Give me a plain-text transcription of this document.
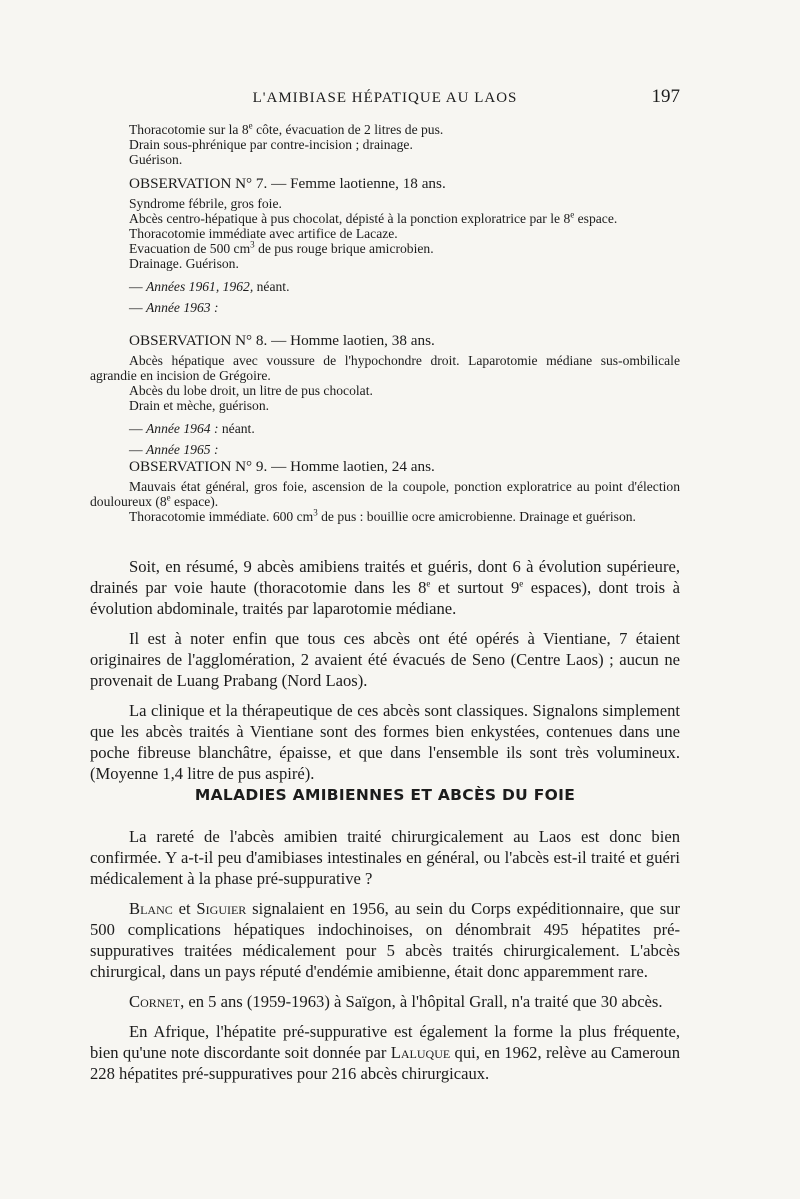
L'AMIBIASE HÉPATIQUE AU LAOS	197

Thoracotomie sur la 8e côte, évacuation de 2 litres de pus.

Drain sous-phrénique par contre-incision ; drainage.

Guérison.

OBSERVATION N° 7. — Femme laotienne, 18 ans.

Syndrome fébrile, gros foie.

Abcès centro-hépatique à pus chocolat, dépisté à la ponction exploratrice par le 8e espace.

Thoracotomie immédiate avec artifice de Lacaze.

Evacuation de 500 $cm^3$ de pus rouge brique amicrobien.

Drainage. Guérison.

— Années 1961, 1962, néant.

— Année 1963 :

OBSERVATION N° 8. — Homme laotien, 38 ans.

Abcès hépatique avec voussure de l'hypochondre droit. Laparotomie médiane sus-ombilicale agrandie en incision de Grégoire.

Abcès du lobe droit, un litre de pus chocolat.

Drain et mèche, guérison.

— Année 1964 : néant.

— Année 1965 :

OBSERVATION N° 9. — Homme laotien, 24 ans.

Mauvais état général, gros foie, ascension de la coupole, ponction exploratrice au point d'élection douloureux (8e espace).

Thoracotomie immédiate. 600 $cm^3$ de pus : bouillie ocre amicrobienne. Drainage et guérison.

Soit, en résumé, 9 abcès amibiens traités et guéris, dont 6 à évolution supérieure, drainés par voie haute (thoracotomie dans les 8e et surtout 9e espaces), dont trois à évolution abdominale, traités par laparotomie médiane.

Il est à noter enfin que tous ces abcès ont été opérés à Vientiane, 7 étaient originaires de l'agglomération, 2 avaient été évacués de Seno (Centre Laos) ; aucun ne provenait de Luang Prabang (Nord Laos).

La clinique et la thérapeutique de ces abcès sont classiques. Signalons simplement que les abcès traités à Vientiane sont des formes bien enkystées, contenues dans une poche fibreuse blanchâtre, épaisse, et que dans l'ensemble ils sont très volumineux. (Moyenne 1,4 litre de pus aspiré).

MALADIES AMIBIENNES ET ABCÈS DU FOIE

La rareté de l'abcès amibien traité chirurgicalement au Laos est donc bien confirmée. Y a-t-il peu d'amibiases intestinales en général, ou l'abcès est-il traité et guéri médicalement à la phase pré-suppurative ?

Blanc et Siguier signalaient en 1956, au sein du Corps expéditionnaire, que sur 500 complications hépatiques indochinoises, on dénombrait 495 hépatites pré-suppuratives traitées médicalement pour 5 abcès traités chirurgicalement. L'abcès chirurgical, dans un pays réputé d'endémie amibienne, était donc apparemment rare.

Cornet, en 5 ans (1959-1963) à Saïgon, à l'hôpital Grall, n'a traité que 30 abcès.

En Afrique, l'hépatite pré-suppurative est également la forme la plus fréquente, bien qu'une note discordante soit donnée par Laluque qui, en 1962, relève au Cameroun 228 hépatites pré-suppuratives pour 216 abcès chirurgicaux.
